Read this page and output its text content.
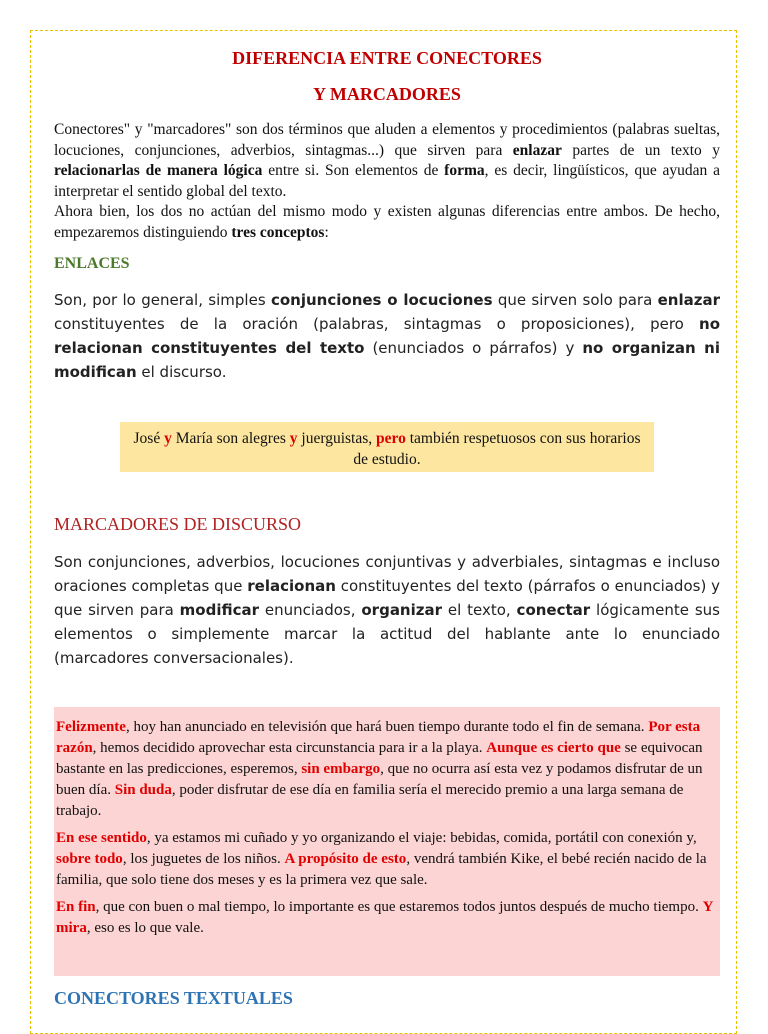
DIFERENCIA ENTRE CONECTORES
Y MARCADORES

Conectores" y "marcadores" son dos términos que aluden a elementos y procedimientos (palabras sueltas, locuciones, conjunciones, adverbios, sintagmas...) que sirven para enlazar partes de un texto y relacionarlas de manera lógica entre si. Son elementos de forma, es decir, lingüísticos, que ayudan a interpretar el sentido global del texto.
Ahora bien, los dos no actúan del mismo modo y existen algunas diferencias entre ambos. De hecho, empezaremos distinguiendo tres conceptos:

ENLACES

Son, por lo general, simples conjunciones o locuciones que sirven solo para enlazar constituyentes de la oración (palabras, sintagmas o proposiciones), pero no relacionan constituyentes del texto (enunciados o párrafos) y no organizan ni modifican el discurso.

José y María son alegres y juerguistas, pero también respetuosos con sus horarios de estudio.
MARCADORES DE DISCURSO

Son conjunciones, adverbios, locuciones conjuntivas y adverbiales, sintagmas e incluso oraciones completas que relacionan constituyentes del texto (párrafos o enunciados) y que sirven para modificar enunciados, organizar el texto, conectar lógicamente sus elementos o simplemente marcar la actitud del hablante ante lo enunciado (marcadores conversacionales).

Felizmente, hoy han anunciado en televisión que hará buen tiempo durante todo el fin de semana. Por esta razón, hemos decidido aprovechar esta circunstancia para ir a la playa. Aunque es cierto que se equivocan bastante en las predicciones, esperemos, sin embargo, que no ocurra así esta vez y podamos disfrutar de un buen día. Sin duda, poder disfrutar de ese día en familia sería el merecido premio a una larga semana de trabajo.

En ese sentido, ya estamos mi cuñado y yo organizando el viaje: bebidas, comida, portátil con conexión y, sobre todo, los juguetes de los niños. A propósito de esto, vendrá también Kike, el bebé recién nacido de la familia, que solo tiene dos meses y es la primera vez que sale.

En fin, que con buen o mal tiempo, lo importante es que estaremos todos juntos después de mucho tiempo. Y mira, eso es lo que vale.

CONECTORES TEXTUALES
